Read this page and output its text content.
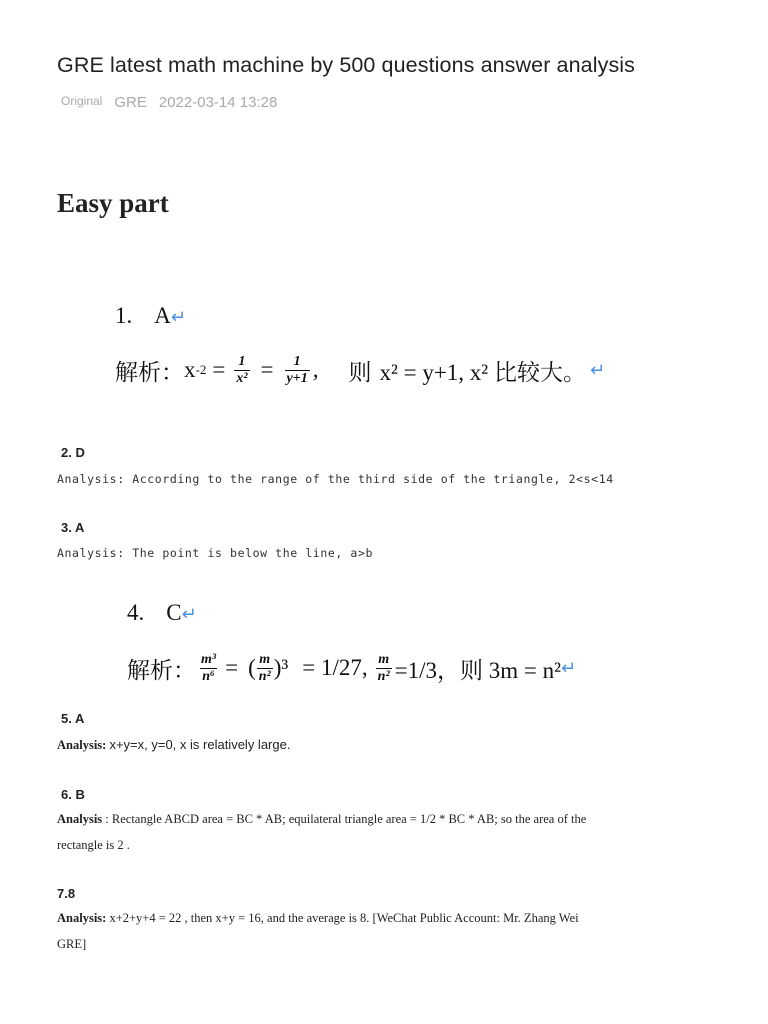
GRE latest math machine by 500 questions answer analysis
Original GRE 2022-03-14 13:28
Easy part
1. A↵
解析： x $-2 = \frac{1}{\text{x²}} = \frac{1}{y+1}$ , 则 x² = y+1, x² 比较大。 ↵
2. D
Analysis: According to the range of the third side of the triangle, 2<s<14
3. A
Analysis: The point is below the line, a>b
4. C↵
解析： $\frac{\text{m³}}{\text{n⁶}}$ = ( $\frac{m}{\text{n²}} )^3 = 1/27$, $\frac{m}{\text{n²}} =1/3$，则 3m = n² ↵
5. A
Analysis: x+y=x, y=0, x is relatively large.
6. B
Analysis : Rectangle ABCD area = BC * AB; equilateral triangle area = 1/2 * BC * AB; so the area of the
rectangle is 2 .
7.8
Analysis: x+2+y+4 = 22 , then x+y = 16, and the average is 8. [WeChat Public Account: Mr. Zhang Wei
GRE]
